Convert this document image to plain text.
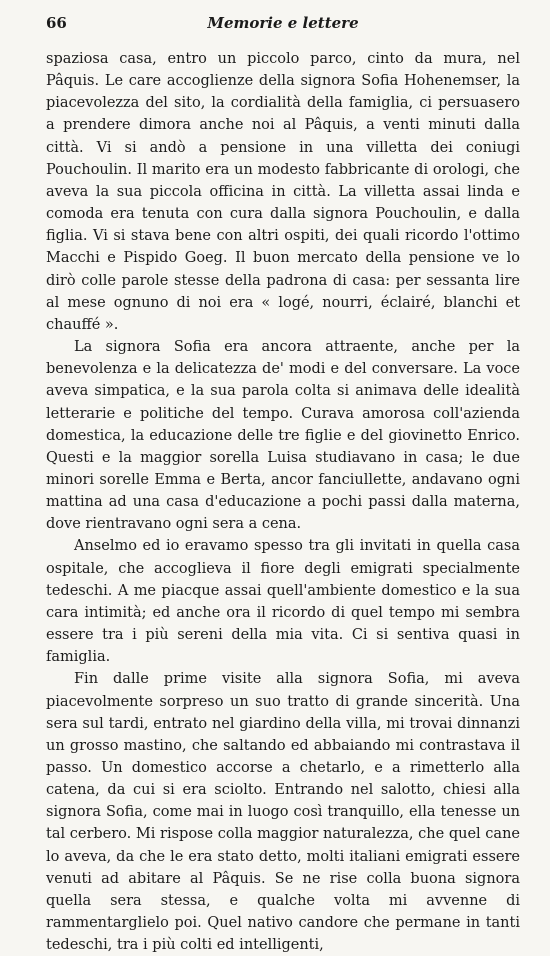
66	Memorie e lettere

spaziosa casa, entro un piccolo parco, cinto da mura, nel Pâquis. Le care accoglienze della signora Sofia Hohenemser, la piacevolezza del sito, la cordialità della famiglia, ci persuasero a prendere dimora anche noi al Pâquis, a venti minuti dalla città. Vi si andò a pensione in una villetta dei coniugi Pouchoulin. Il marito era un modesto fabbricante di orologi, che aveva la sua piccola officina in città. La villetta assai linda e comoda era tenuta con cura dalla signora Pouchoulin, e dalla figlia. Vi si stava bene con altri ospiti, dei quali ricordo l'ottimo Macchi e Pispido Goeg. Il buon mercato della pensione ve lo dirò colle parole stesse della padrona di casa: per sessanta lire al mese ognuno di noi era « logé, nourri, éclairé, blanchi et chauffé ».

La signora Sofia era ancora attraente, anche per la benevolenza e la delicatezza de' modi e del conversare. La voce aveva simpatica, e la sua parola colta si animava delle idealità letterarie e politiche del tempo. Curava amorosa coll'azienda domestica, la educazione delle tre figlie e del giovinetto Enrico. Questi e la maggior sorella Luisa studiavano in casa; le due minori sorelle Emma e Berta, ancor fanciullette, andavano ogni mattina ad una casa d'educazione a pochi passi dalla materna, dove rientravano ogni sera a cena.

Anselmo ed io eravamo spesso tra gli invitati in quella casa ospitale, che accoglieva il fiore degli emigrati specialmente tedeschi. A me piacque assai quell'ambiente domestico e la sua cara intimità; ed anche ora il ricordo di quel tempo mi sembra essere tra i più sereni della mia vita. Ci si sentiva quasi in famiglia.

Fin dalle prime visite alla signora Sofia, mi aveva piacevolmente sorpreso un suo tratto di grande sincerità. Una sera sul tardi, entrato nel giardino della villa, mi trovai dinnanzi un grosso mastino, che saltando ed abbaiando mi contrastava il passo. Un domestico accorse a chetarlo, e a rimetterlo alla catena, da cui si era sciolto. Entrando nel salotto, chiesi alla signora Sofia, come mai in luogo così tranquillo, ella tenesse un tal cerbero. Mi rispose colla maggior naturalezza, che quel cane lo aveva, da che le era stato detto, molti italiani emigrati essere venuti ad abitare al Pâquis. Se ne rise colla buona signora quella sera stessa, e qualche volta mi avvenne di rammentarglielo poi. Quel nativo candore che permane in tanti tedeschi, tra i più colti ed intelligenti,
